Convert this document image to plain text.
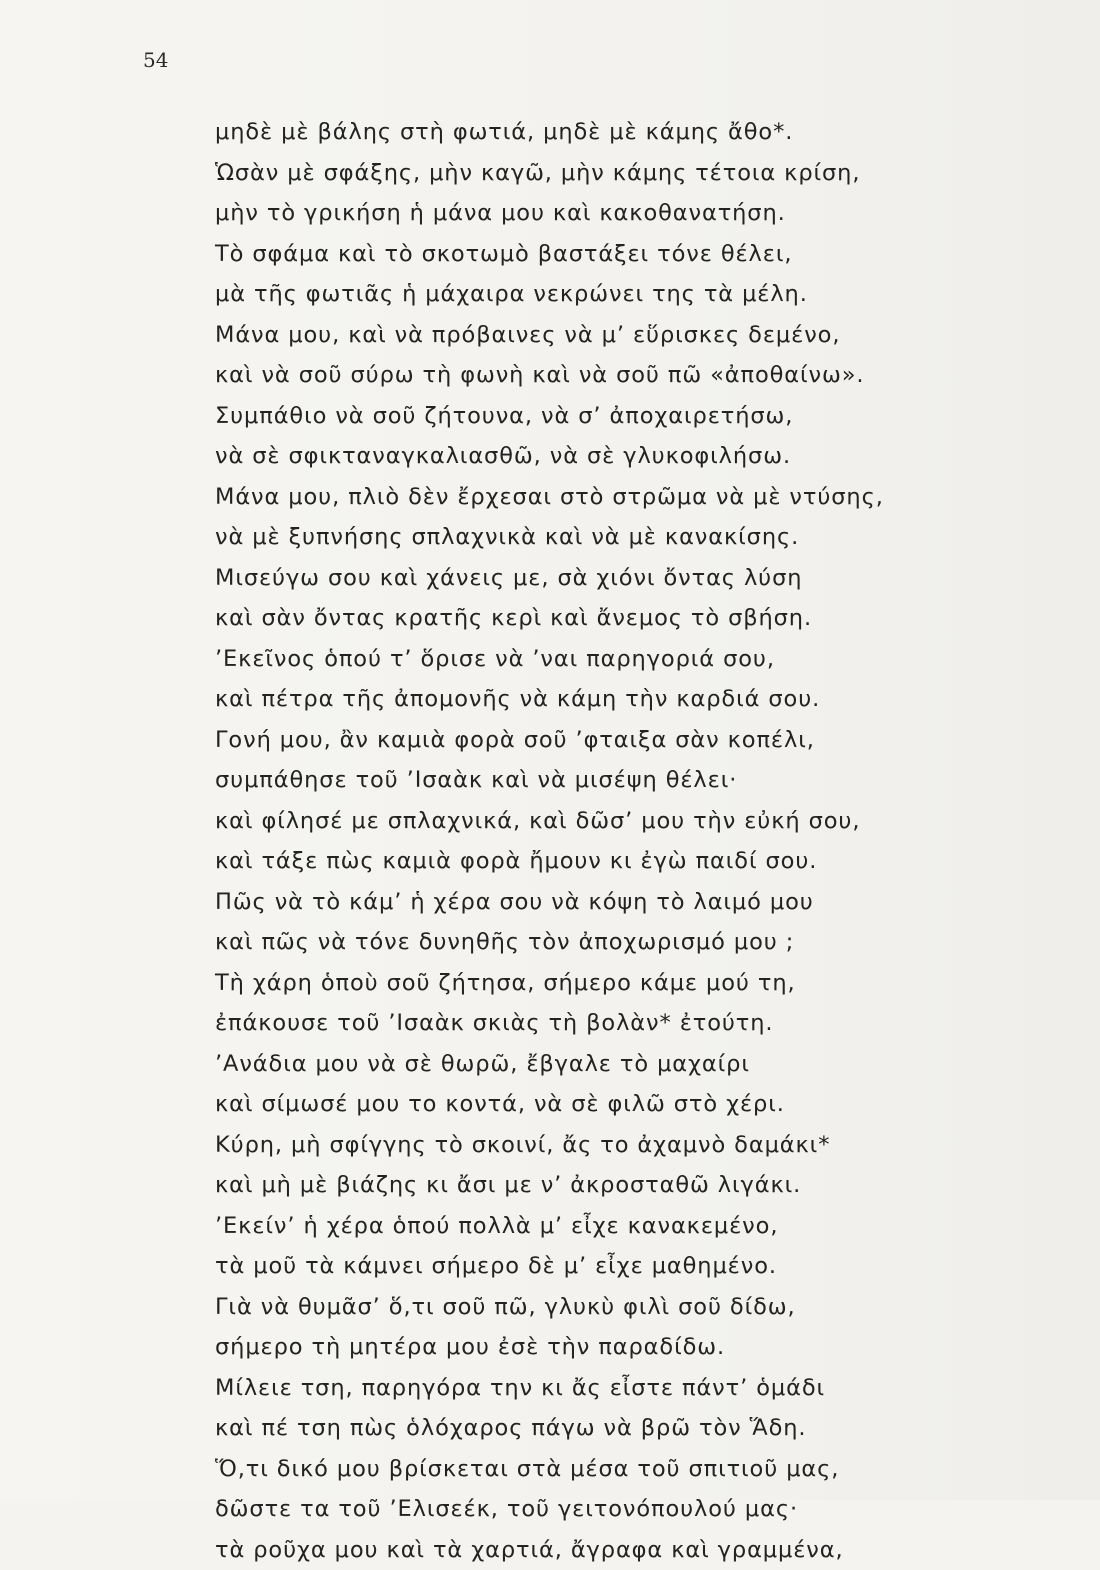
54
μηδὲ μὲ βάλης στὴ φωτιά, μηδὲ μὲ κάμης ἄθο*.
Ὡσὰν μὲ σφάξης, μὴν καγῶ, μὴν κάμης τέτοια κρίση,
μὴν τὸ γρικήση ἡ μάνα μου καὶ κακοθανατήση.
Τὸ σφάμα καὶ τὸ σκοτωμὸ βαστάξει τόνε θέλει,
μὰ τῆς φωτιᾶς ἡ μάχαιρα νεκρώνει της τὰ μέλη.
Μάνα μου, καὶ νὰ πρόβαινες νὰ μ’ εὕρισκες δεμένο,
καὶ νὰ σοῦ σύρω τὴ φωνὴ καὶ νὰ σοῦ πῶ «ἀποθαίνω».
Συμπάθιο νὰ σοῦ ζήτουνα, νὰ σ’ ἀποχαιρετήσω,
νὰ σὲ σφικταναγκαλιασθῶ, νὰ σὲ γλυκοφιλήσω.
Μάνα μου, πλιὸ δὲν ἔρχεσαι στὸ στρῶμα νὰ μὲ ντύσης,
νὰ μὲ ξυπνήσης σπλαχνικὰ καὶ νὰ μὲ κανακίσης.
Μισεύγω σου καὶ χάνεις με, σὰ χιόνι ὄντας λύση
καὶ σὰν ὄντας κρατῆς κερὶ καὶ ἄνεμος τὸ σβήση.
’Εκεῖνος ὁπού τ’ ὅρισε νὰ ’ναι παρηγοριά σου,
καὶ πέτρα τῆς ἀπομονῆς νὰ κάμη τὴν καρδιά σου.
Γονή μου, ἂν καμιὰ φορὰ σοῦ ’φταιξα σὰν κοπέλι,
συμπάθησε τοῦ ’Ισαὰκ καὶ νὰ μισέψη θέλει·
καὶ φίλησέ με σπλαχνικά, καὶ δῶσ’ μου τὴν εὐκή σου,
καὶ τάξε πὼς καμιὰ φορὰ ἤμουν κι ἐγὼ παιδί σου.
Πῶς νὰ τὸ κάμ’ ἡ χέρα σου νὰ κόψη τὸ λαιμό μου
καὶ πῶς νὰ τόνε δυνηθῆς τὸν ἀποχωρισμό μου ;
Τὴ χάρη ὁποὺ σοῦ ζήτησα, σήμερο κάμε μού τη,
ἐπάκουσε τοῦ ’Ισαὰκ σκιὰς τὴ βολὰν* ἐτούτη.
’Ανάδια μου νὰ σὲ θωρῶ, ἔβγαλε τὸ μαχαίρι
καὶ σίμωσέ μου το κοντά, νὰ σὲ φιλῶ στὸ χέρι.
Κύρη, μὴ σφίγγης τὸ σκοινί, ἄς το ἀχαμνὸ δαμάκι*
καὶ μὴ μὲ βιάζης κι ἄσι με ν’ ἀκροσταθῶ λιγάκι.
’Εκείν’ ἡ χέρα ὁπού πολλὰ μ’ εἶχε κανακεμένο,
τὰ μοῦ τὰ κάμνει σήμερο δὲ μ’ εἶχε μαθημένο.
Γιὰ νὰ θυμᾶσ’ ὅ,τι σοῦ πῶ, γλυκὺ φιλὶ σοῦ δίδω,
σήμερο τὴ μητέρα μου ἐσὲ τὴν παραδίδω.
Μίλειε τση, παρηγόρα την κι ἄς εἶστε πάντ’ ὁμάδι
καὶ πέ τση πὼς ὁλόχαρος πάγω νὰ βρῶ τὸν Ἅδη.
Ὅ,τι δικό μου βρίσκεται στὰ μέσα τοῦ σπιτιοῦ μας,
δῶστε τα τοῦ ’Ελισεέκ, τοῦ γειτονόπουλού μας·
τὰ ροῦχα μου καὶ τὰ χαρτιά, ἄγραφα καὶ γραμμένα,
